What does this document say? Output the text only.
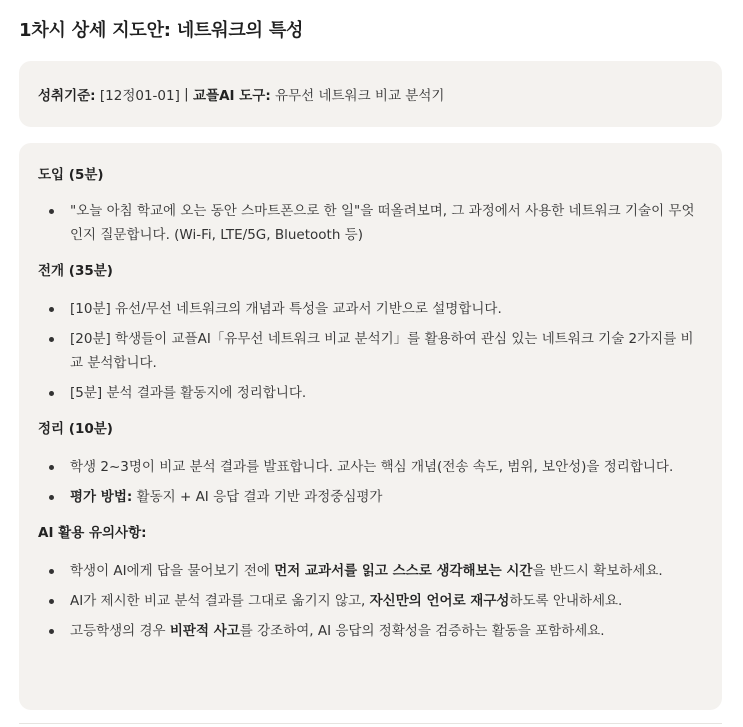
1차시 상세 지도안: 네트워크의 특성
성취기준:
[12정01-01]
|
교플AI 도구:
유무선 네트워크 비교 분석기
도입 (5분)
"오늘 아침 학교에 오는 동안 스마트폰으로 한 일"을 떠올려보며, 그 과정에서 사용한 네트워크 기술이 무엇인지 질문합니다. (Wi-Fi, LTE/5G, Bluetooth 등)
전개 (35분)
[10분] 유선/무선 네트워크의 개념과 특성을 교과서 기반으로 설명합니다.
[20분] 학생들이 교플AI「유무선 네트워크 비교 분석기」를 활용하여 관심 있는 네트워크 기술 2가지를 비교 분석합니다.
[5분] 분석 결과를 활동지에 정리합니다.
정리 (10분)
학생 2~3명이 비교 분석 결과를 발표합니다. 교사는 핵심 개념(전송 속도, 범위, 보안성)을 정리합니다.
평가 방법: 활동지 + AI 응답 결과 기반 과정중심평가
AI 활용 유의사항:
학생이 AI에게 답을 물어보기 전에 먼저 교과서를 읽고 스스로 생각해보는 시간을 반드시 확보하세요.
AI가 제시한 비교 분석 결과를 그대로 옮기지 않고, 자신만의 언어로 재구성하도록 안내하세요.
고등학생의 경우 비판적 사고를 강조하여, AI 응답의 정확성을 검증하는 활동을 포함하세요.
